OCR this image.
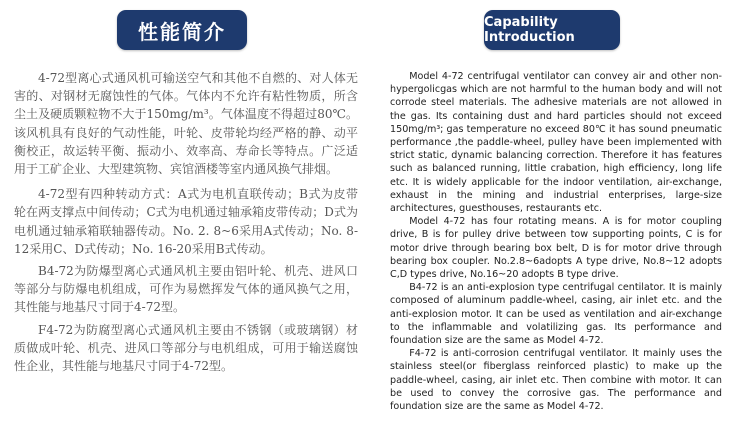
性能简介

4-72型离心式通风机可输送空气和其他不自燃的、对人体无害的、对钢材无腐蚀性的气体。气体内不允许有粘性物质，所含尘土及硬质颗粒物不大于150mg/m³。气体温度不得超过80℃。该风机具有良好的气动性能，叶轮、皮带轮均经严格的静、动平衡校正，故运转平衡、振动小、效率高、寿命长等特点。广泛适用于工矿企业、大型建筑物、宾馆酒楼等室内通风换气排烟。

4-72型有四种转动方式：A式为电机直联传动；B式为皮带轮在两支撑点中间传动；C式为电机通过轴承箱皮带传动；D式为电机通过轴承箱联轴器传动。No. 2. 8~6采用A式传动；No. 8-12采用C、D式传动；No. 16-20采用B式传动。

B4-72为防爆型离心式通风机主要由铝叶轮、机壳、进风口等部分与防爆电机组成，可作为易燃挥发气体的通风换气之用，其性能与地基尺寸同于4-72型。

F4-72为防腐型离心式通风机主要由不锈钢（或玻璃钢）材质做成叶轮、机壳、进风口等部分与电机组成，可用于输送腐蚀性企业，其性能与地基尺寸同于4-72型。

Capability Introduction

Model 4-72 centrifugal ventilator can convey air and other non-hypergolicgas which are not harmful to the human body and will not corrode steel materials. The adhesive materials are not allowed in the gas. Its containing dust and hard particles should not exceed 150mg/m³; gas temperature no exceed 80℃ it has sound pneumatic performance ,the paddle-wheel, pulley have been implemented with strict static, dynamic balancing correction. Therefore it has features such as balanced running, little crabation, high efficiency, long life etc. It is widely applicable for the indoor ventilation, air-exchange, exhaust in the mining and industrial enterprises, large-size architectures, guesthouses, restaurants etc.

Model 4-72 has four rotating means. A is for motor coupling drive, B is for pulley drive between tow supporting points, C is for motor drive through bearing box belt, D is for motor drive through bearing box coupler. No.2.8~6adopts A type drive, No.8~12 adopts C,D types drive, No.16~20 adopts B type drive.

B4-72 is an anti-explosion type centrifugal centilator. It is mainly composed of aluminum paddle-wheel, casing, air inlet etc. and the anti-explosion motor. It can be used as ventilation and air-exchange to the inflammable and volatilizing gas. Its performance and foundation size are the same as Model 4-72.

F4-72 is anti-corrosion centrifugal ventilator. It mainly uses the stainless steel(or fiberglass reinforced plastic) to make up the paddle-wheel, casing, air inlet etc. Then combine with motor. It can be used to convey the corrosive gas. The performance and foundation size are the same as Model 4-72.
